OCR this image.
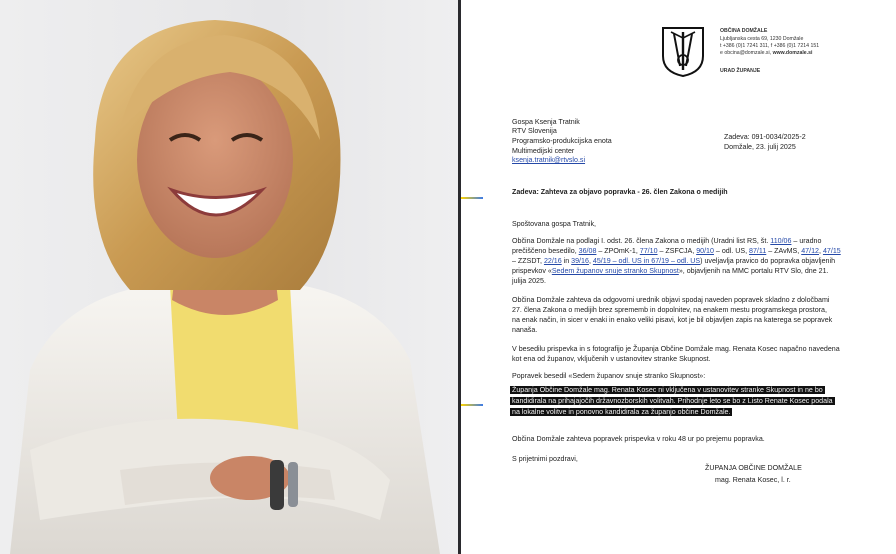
OBČINA DOMŽALE
Ljubljanska cesta 69, 1230 Domžale
t +386 (0)1 7241 311, f +386 (0)1 7214 151
e obcina@domzale.si, www.domzale.si
URAD ŽUPANJE
Gospa Ksenja Tratnik
RTV Slovenija
Programsko-produkcijska enota
Multimedijski center
ksenja.tratnik@rtvslo.si
Zadeva: 091-0034/2025-2
Domžale, 23. julij 2025
Zadeva: Zahteva za objavo popravka - 26. člen Zakona o medijih
Spoštovana gospa Tratnik,
Občina Domžale na podlagi I. odst. 26. člena Zakona o medijih (Uradni list RS, št. 110/06 – uradno
prečiščeno besedilo, 36/08 – ZPOmK-1, 77/10 – ZSFCJA, 90/10 – odl. US, 87/11 – ZAvMS, 47/12, 47/15
– ZZSDT, 22/16 in 39/16, 45/19 – odl. US in 67/19 – odl. US) uveljavlja pravico do popravka objavljenih
prispevkov «Sedem županov snuje stranko Skupnost», objavljenih na MMC portalu RTV Slo, dne 21.
julija 2025.
Občina Domžale zahteva da odgovorni urednik objavi spodaj naveden popravek skladno z določbami
27. člena Zakona o medijih brez sprememb in dopolnitev, na enakem mestu programskega prostora,
na enak način, in sicer v enaki in enako veliki pisavi, kot je bil objavljen zapis na katerega se popravek
nanaša.
V besedilu prispevka in s fotografijo je Županja Občine Domžale mag. Renata Kosec napačno navedena
kot ena od županov, vključenih v ustanovitev stranke Skupnost.
Popravek besedil «Sedem županov snuje stranko Skupnost»:
Županja Občine Domžale mag. Renata Kosec ni vključena v ustanovitev stranke Skupnost in ne bo
kandidirala na prihajajočih državnozborskih volitvah. Prihodnje leto se bo z Listo Renate Kosec podala
na lokalne volitve in ponovno kandidirala za županjo občine Domžale.
Občina Domžale zahteva popravek prispevka v roku 48 ur po prejemu popravka.
S prijetnimi pozdravi,
ŽUPANJA OBČINE DOMŽALE
mag. Renata Kosec, l. r.
